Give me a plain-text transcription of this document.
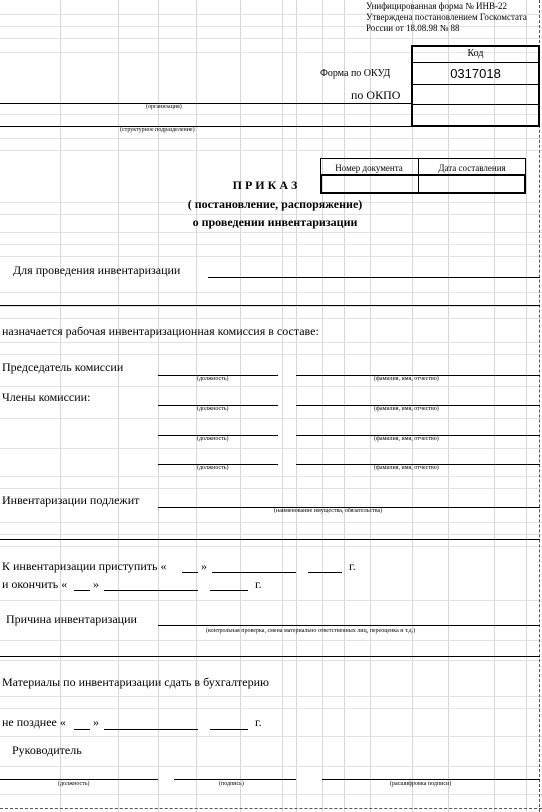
Унифицированная форма № ИНВ-22
Утверждена постановлением Госкомстата
России от 18.08.98 № 88
Код
Форма по ОКУД	0317018
по ОКПО
(организация)
(структурное подразделение)
Номер документа	Дата составления
П Р И К А З
( постановление, распоряжение)
о проведении инвентаризации
Для проведения инвентаризации
назначается рабочая инвентаризационная комиссия в составе:
Председатель комиссии
(должность)	(фамилия, имя, отчество)
Члены комиссии:
(должность)	(фамилия, имя, отчество)
(должность)	(фамилия, имя, отчество)
(должность)	(фамилия, имя, отчество)
Инвентаризации подлежит
(наименование имущества, обязательства)
К инвентаризации приступить «	»	г.
и окончить « »	г.
Причина инвентаризации
(контрольная проверка, смена материально ответственных лиц, переоценка и т.д.)
Материалы по инвентаризации сдать в бухгалтерию
не позднее « »	г.
Руководитель
(должность)	(подпись)	(расшифровка подписи)
